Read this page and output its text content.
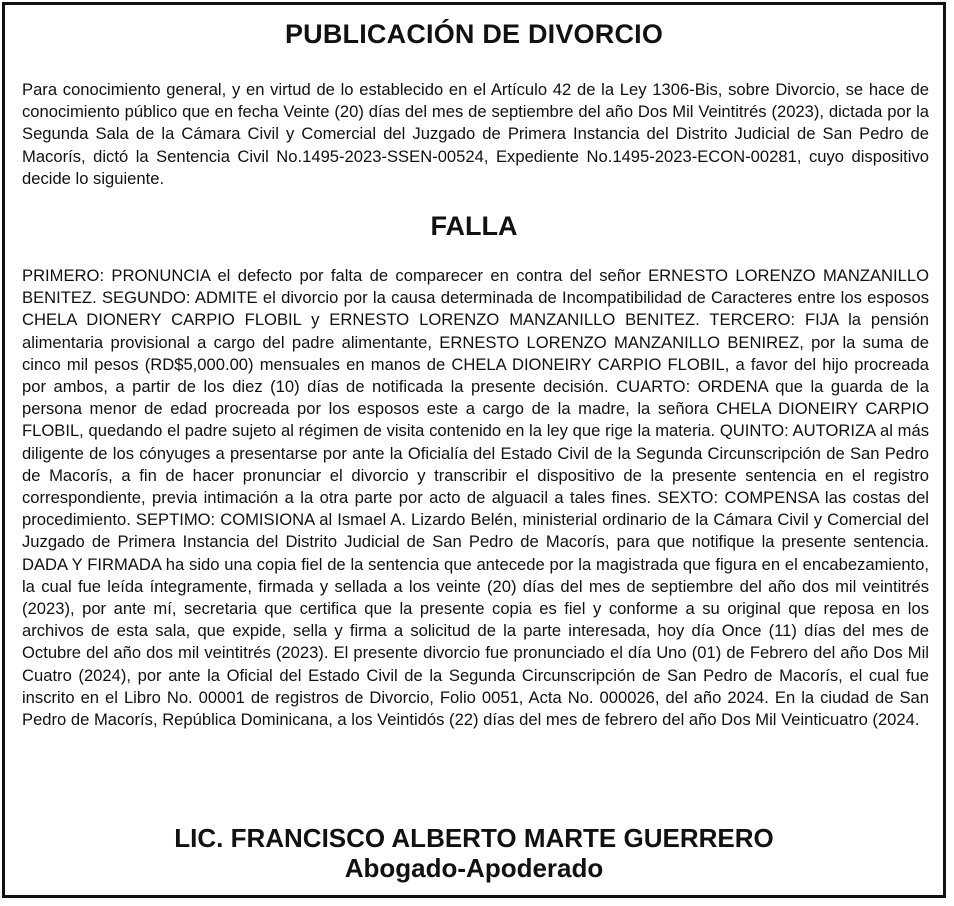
PUBLICACIÓN DE DIVORCIO

Para conocimiento general, y en virtud de lo establecido en el Artículo 42 de la Ley 1306-Bis, sobre Divorcio, se hace de conocimiento público que en fecha Veinte (20) días del mes de septiembre del año Dos Mil Veintitrés (2023), dictada por la Segunda Sala de la Cámara Civil y Comercial del Juzgado de Primera Instancia del Distrito Judicial de San Pedro de Macorís, dictó la Sentencia Civil No.1495-2023-SSEN-00524, Expediente No.1495-2023-ECON-00281, cuyo dispositivo decide lo siguiente.

FALLA

PRIMERO: PRONUNCIA el defecto por falta de comparecer en contra del señor ERNESTO LORENZO MANZANILLO BENITEZ. SEGUNDO: ADMITE el divorcio por la causa determinada de Incompatibilidad de Caracteres entre los esposos CHELA DIONERY CARPIO FLOBIL y ERNESTO LORENZO MANZANILLO BENITEZ. TERCERO: FIJA la pensión alimentaria provisional a cargo del padre alimentante, ERNESTO LORENZO MANZANILLO BENIREZ, por la suma de cinco mil pesos (RD$5,000.00) mensuales en manos de CHELA DIONEIRY CARPIO FLOBIL, a favor del hijo procreada por ambos, a partir de los diez (10) días de notificada la presente decisión. CUARTO: ORDENA que la guarda de la persona menor de edad procreada por los esposos este a cargo de la madre, la señora CHELA DIONEIRY CARPIO FLOBIL, quedando el padre sujeto al régimen de visita contenido en la ley que rige la materia. QUINTO: AUTORIZA al más diligente de los cónyuges a presentarse por ante la Oficialía del Estado Civil de la Segunda Circunscripción de San Pedro de Macorís, a fin de hacer pronunciar el divorcio y transcribir el dispositivo de la presente sentencia en el registro correspondiente, previa intimación a la otra parte por acto de alguacil a tales fines. SEXTO: COMPENSA las costas del procedimiento. SEPTIMO: COMISIONA al Ismael A. Lizardo Belén, ministerial ordinario de la Cámara Civil y Comercial del Juzgado de Primera Instancia del Distrito Judicial de San Pedro de Macorís, para que notifique la presente sentencia. DADA Y FIRMADA ha sido una copia fiel de la sentencia que antecede por la magistrada que figura en el encabezamiento, la cual fue leída íntegramente, firmada y sellada a los veinte (20) días del mes de septiembre del año dos mil veintitrés (2023), por ante mí, secretaria que certifica que la presente copia es fiel y conforme a su original que reposa en los archivos de esta sala, que expide, sella y firma a solicitud de la parte interesada, hoy día Once (11) días del mes de Octubre del año dos mil veintitrés (2023). El presente divorcio fue pronunciado el día Uno (01) de Febrero del año Dos Mil Cuatro (2024), por ante la Oficial del Estado Civil de la Segunda Circunscripción de San Pedro de Macorís, el cual fue inscrito en el Libro No. 00001 de registros de Divorcio, Folio 0051, Acta No. 000026, del año 2024. En la ciudad de San Pedro de Macorís, República Dominicana, a los Veintidós (22) días del mes de febrero del año Dos Mil Veinticuatro (2024.

LIC. FRANCISCO ALBERTO MARTE GUERRERO
Abogado-Apoderado
